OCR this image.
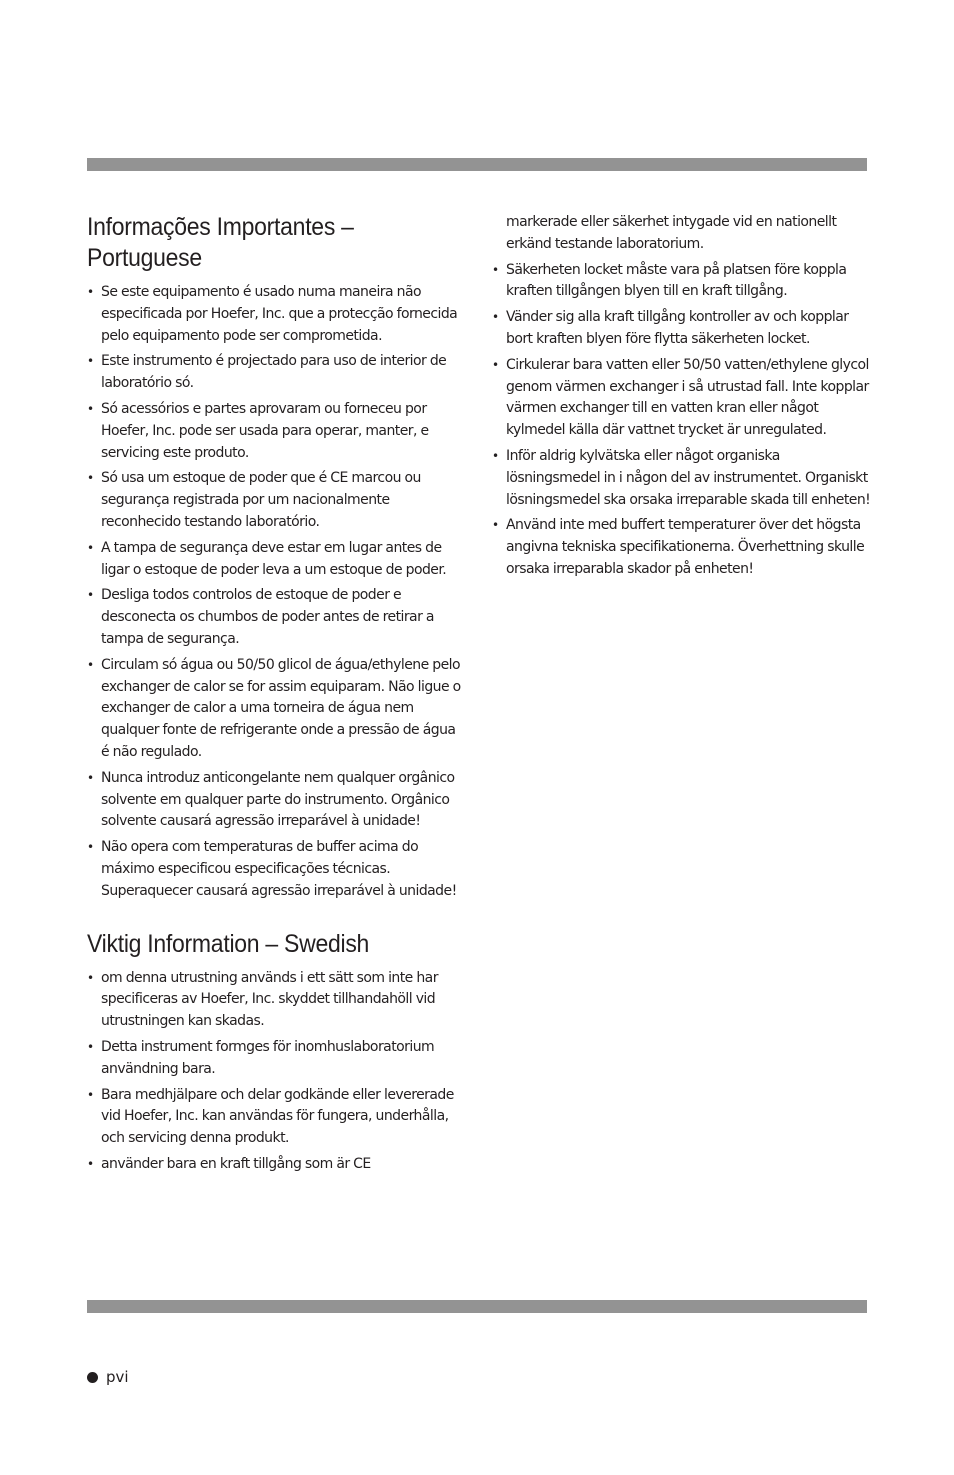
Informações Importantes – Portuguese
• Se este equipamento é usado numa maneira não especificada por Hoefer, Inc. que a protecção fornecida pelo equipamento pode ser comprometida.
• Este instrumento é projectado para uso de interior de laboratório só.
• Só acessórios e partes aprovaram ou forneceu por Hoefer, Inc. pode ser usada para operar, manter, e servicing este produto.
• Só usa um estoque de poder que é CE marcou ou segurança registrada por um nacionalmente reconhecido testando laboratório.
• A tampa de segurança deve estar em lugar antes de ligar o estoque de poder leva a um estoque de poder.
• Desliga todos controlos de estoque de poder e desconecta os chumbos de poder antes de retirar a tampa de segurança.
• Circulam só água ou 50/50 glicol de água/ethylene pelo exchanger de calor se for assim equiparam. Não ligue o exchanger de calor a uma torneira de água nem qualquer fonte de refrigerante onde a pressão de água é não regulado.
• Nunca introduz anticongelante nem qualquer orgânico solvente em qualquer parte do instrumento. Orgânico solvente causará agressão irreparável à unidade!
• Não opera com temperaturas de buffer acima do máximo especificou especificações técnicas. Superaquecer causará agressão irreparável à unidade!
Viktig Information – Swedish
• om denna utrustning används i ett sätt som inte har specificeras av Hoefer, Inc. skyddet tillhandahöll vid utrustningen kan skadas.
• Detta instrument formges för inomhuslaboratorium användning bara.
• Bara medhjälpare och delar godkände eller levererade vid Hoefer, Inc. kan användas för fungera, underhålla, och servicing denna produkt.
• använder bara en kraft tillgång som är CE

markerade eller säkerhet intygade vid en nationellt erkänd testande laboratorium.

• Säkerheten locket måste vara på platsen före koppla kraften tillgången blyen till en kraft tillgång.
• Vänder sig alla kraft tillgång kontroller av och kopplar bort kraften blyen före flytta säkerheten locket.
• Cirkulerar bara vatten eller 50/50 vatten/ethylene glycol genom värmen exchanger i så utrustad fall. Inte kopplar värmen exchanger till en vatten kran eller något kylmedel källa där vattnet trycket är unregulated.
• Inför aldrig kylvätska eller något organiska lösningsmedel in i någon del av instrumentet. Organiskt lösningsmedel ska orsaka irreparable skada till enheten!
• Använd inte med buffert temperaturer över det högsta angivna tekniska specifikationerna. Överhettning skulle orsaka irreparabla skador på enheten!
pvi
